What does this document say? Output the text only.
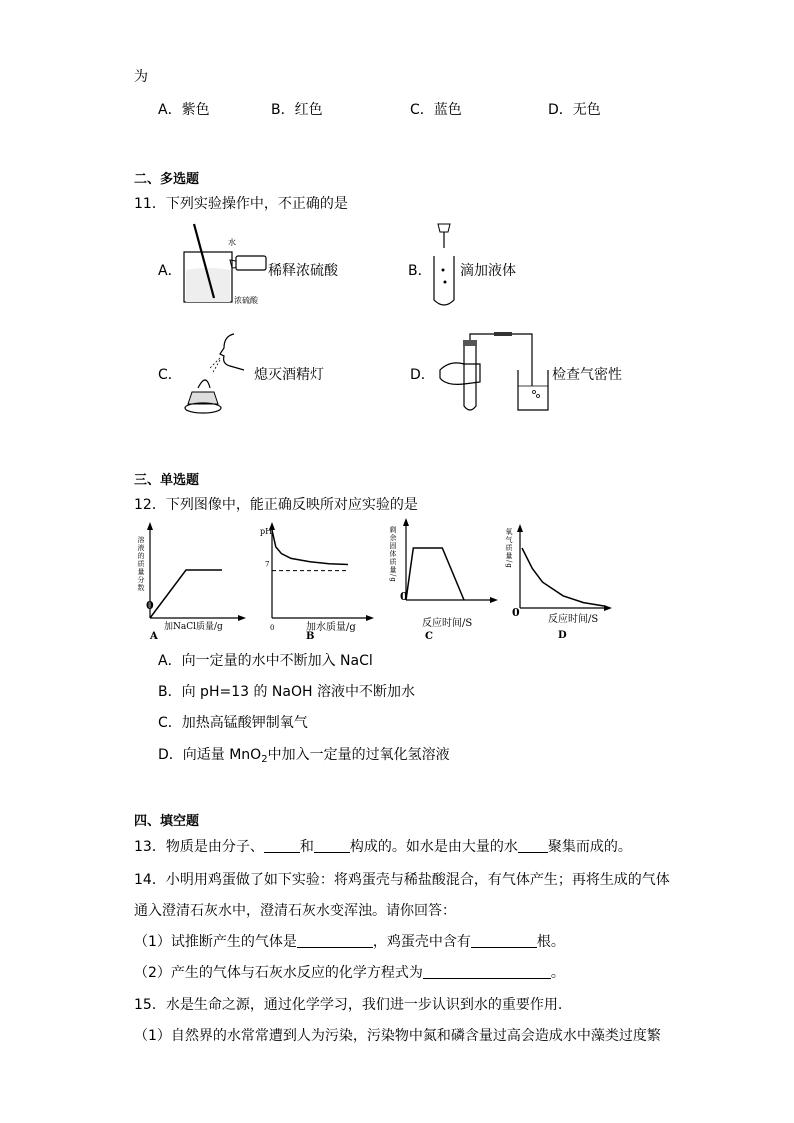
为
A．紫色	B．红色	C．蓝色	D．无色
二、多选题
11．下列实验操作中，不正确的是
A．
水
浓硫酸
稀释浓硫酸	B． 滴加液体
C．	熄灭酒精灯	D．	检查气密性
三、单选题
12．下列图像中，能正确反映所对应实验的是
溶液的质量分数
0
加NaCl质量/g
A
pH
7
0	加水质量/g
B
剩余固体质量/g
0
反应时间/S
C
氧气质量/g
0
反应时间/S
D
A．向一定量的水中不断加入 NaCl
B．向 pH=13 的 NaOH 溶液中不断加水
C．加热高锰酸钾制氧气
D．向适量 MnO$_2$中加入一定量的过氧化氢溶液
四、填空题
13．物质是由分子、	和	构成的。如水是由大量的水 聚集而成的。
14．小明用鸡蛋做了如下实验：将鸡蛋壳与稀盐酸混合，有气体产生；再将生成的气体
通入澄清石灰水中，澄清石灰水变浑浊。请你回答：
（1）试推断产生的气体是	，鸡蛋壳中含有	根。
（2）产生的气体与石灰水反应的化学方程式为	。
15．水是生命之源，通过化学学习，我们进一步认识到水的重要作用.
（1）自然界的水常常遭到人为污染，污染物中氮和磷含量过高会造成水中藻类过度繁
